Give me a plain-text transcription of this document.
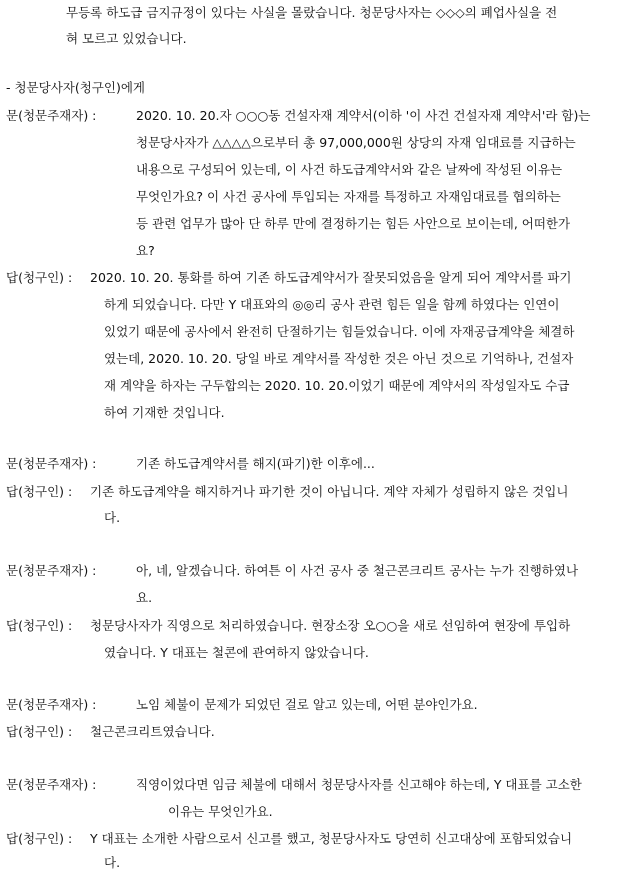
무등록 하도급 금지규정이 있다는 사실을 몰랐습니다. 청문당사자는 ◇◇◇의 폐업사실을 전
혀 모르고 있었습니다.
- 청문당사자(청구인)에게
문(청문주재자) :	2020. 10. 20.자 ○○○동 건설자재 계약서(이하 '이 사건 건설자재 계약서'라 함)는
청문당사자가 △△△△으로부터 총 97,000,000원 상당의 자재 임대료를 지급하는
내용으로 구성되어 있는데, 이 사건 하도급계약서와 같은 날짜에 작성된 이유는
무엇인가요? 이 사건 공사에 투입되는 자재를 특정하고 자재임대료를 협의하는
등 관련 업무가 많아 단 하루 만에 결정하기는 힘든 사안으로 보이는데, 어떠한가
요?
답(청구인) : 2020. 10. 20. 통화를 하여 기존 하도급계약서가 잘못되었음을 알게 되어 계약서를 파기
하게 되었습니다. 다만 Y 대표와의 ◎◎리 공사 관련 힘든 일을 함께 하였다는 인연이
있었기 때문에 공사에서 완전히 단절하기는 힘들었습니다. 이에 자재공급계약을 체결하
였는데, 2020. 10. 20. 당일 바로 계약서를 작성한 것은 아닌 것으로 기억하나, 건설자
재 계약을 하자는 구두합의는 2020. 10. 20.이었기 때문에 계약서의 작성일자도 수급
하여 기재한 것입니다.
문(청문주재자) :	기존 하도급계약서를 해지(파기)한 이후에...
답(청구인) : 기존 하도급계약을 해지하거나 파기한 것이 아닙니다. 계약 자체가 성립하지 않은 것입니
다.
문(청문주재자) :	아, 네, 알겠습니다. 하여튼 이 사건 공사 중 철근콘크리트 공사는 누가 진행하였나
요.
답(청구인) : 청문당사자가 직영으로 처리하였습니다. 현장소장 오○○을 새로 선임하여 현장에 투입하
였습니다. Y 대표는 철콘에 관여하지 않았습니다.
문(청문주재자) :	노임 체불이 문제가 되었던 걸로 알고 있는데, 어떤 분야인가요.
답(청구인) : 철근콘크리트였습니다.
문(청문주재자) :	직영이었다면 임금 체불에 대해서 청문당사자를 신고해야 하는데, Y 대표를 고소한
이유는 무엇인가요.
답(청구인) : Y 대표는 소개한 사람으로서 신고를 했고, 청문당사자도 당연히 신고대상에 포함되었습니
다.
